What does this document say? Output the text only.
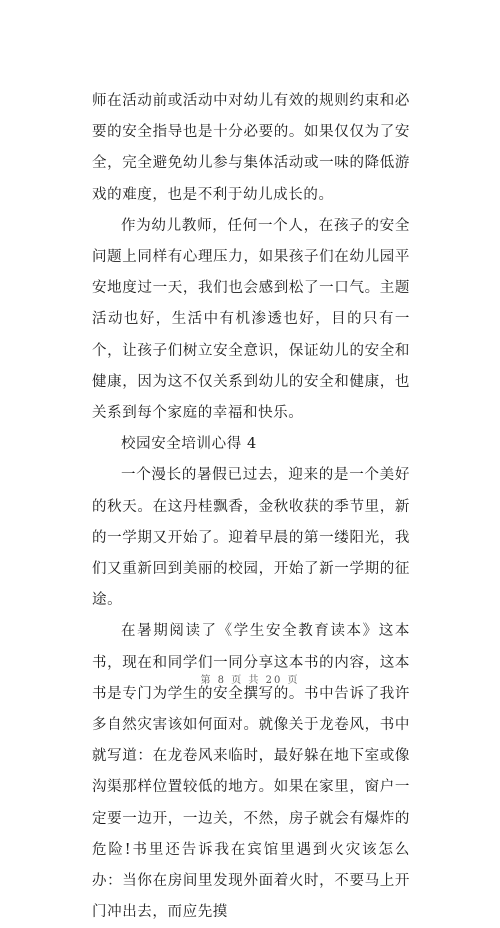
师在活动前或活动中对幼儿有效的规则约束和必要的安全指导也是十分必要的。如果仅仅为了安全，完全避免幼儿参与集体活动或一味的降低游戏的难度，也是不利于幼儿成长的。

作为幼儿教师，任何一个人，在孩子的安全问题上同样有心理压力，如果孩子们在幼儿园平安地度过一天，我们也会感到松了一口气。主题活动也好，生活中有机渗透也好，目的只有一个，让孩子们树立安全意识，保证幼儿的安全和健康，因为这不仅关系到幼儿的安全和健康，也关系到每个家庭的幸福和快乐。

校园安全培训心得 4

一个漫长的暑假已过去，迎来的是一个美好的秋天。在这丹桂飘香，金秋收获的季节里，新的一学期又开始了。迎着早晨的第一缕阳光，我们又重新回到美丽的校园，开始了新一学期的征途。

在暑期阅读了《学生安全教育读本》这本书，现在和同学们一同分享这本书的内容，这本书是专门为学生的安全撰写的。书中告诉了我许多自然灾害该如何面对。就像关于龙卷风，书中就写道：在龙卷风来临时，最好躲在地下室或像沟渠那样位置较低的地方。如果在家里，窗户一定要一边开，一边关，不然，房子就会有爆炸的危险!书里还告诉我在宾馆里遇到火灾该怎么办：当你在房间里发现外面着火时，不要马上开门冲出去，而应先摸

第 8 页 共 20 页
